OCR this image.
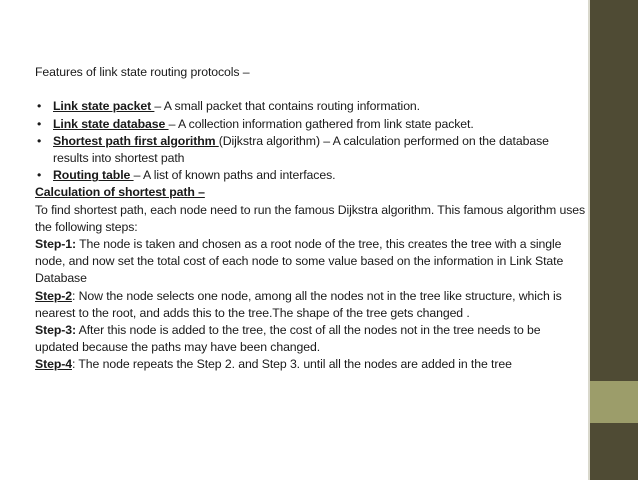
Features of link state routing protocols –

• Link state packet – A small packet that contains routing information.
• Link state database – A collection information gathered from link state packet.
• Shortest path first algorithm (Dijkstra algorithm) – A calculation performed on the database results into shortest path
• Routing table – A list of known paths and interfaces.

Calculation of shortest path –

To find shortest path, each node need to run the famous Dijkstra algorithm. This famous algorithm uses the following steps:

Step-1: The node is taken and chosen as a root node of the tree, this creates the tree with a single node, and now set the total cost of each node to some value based on the information in Link State Database

Step-2: Now the node selects one node, among all the nodes not in the tree like structure, which is nearest to the root, and adds this to the tree.The shape of the tree gets changed .

Step-3: After this node is added to the tree, the cost of all the nodes not in the tree needs to be updated because the paths may have been changed.

Step-4: The node repeats the Step 2. and Step 3. until all the nodes are added in the tree
